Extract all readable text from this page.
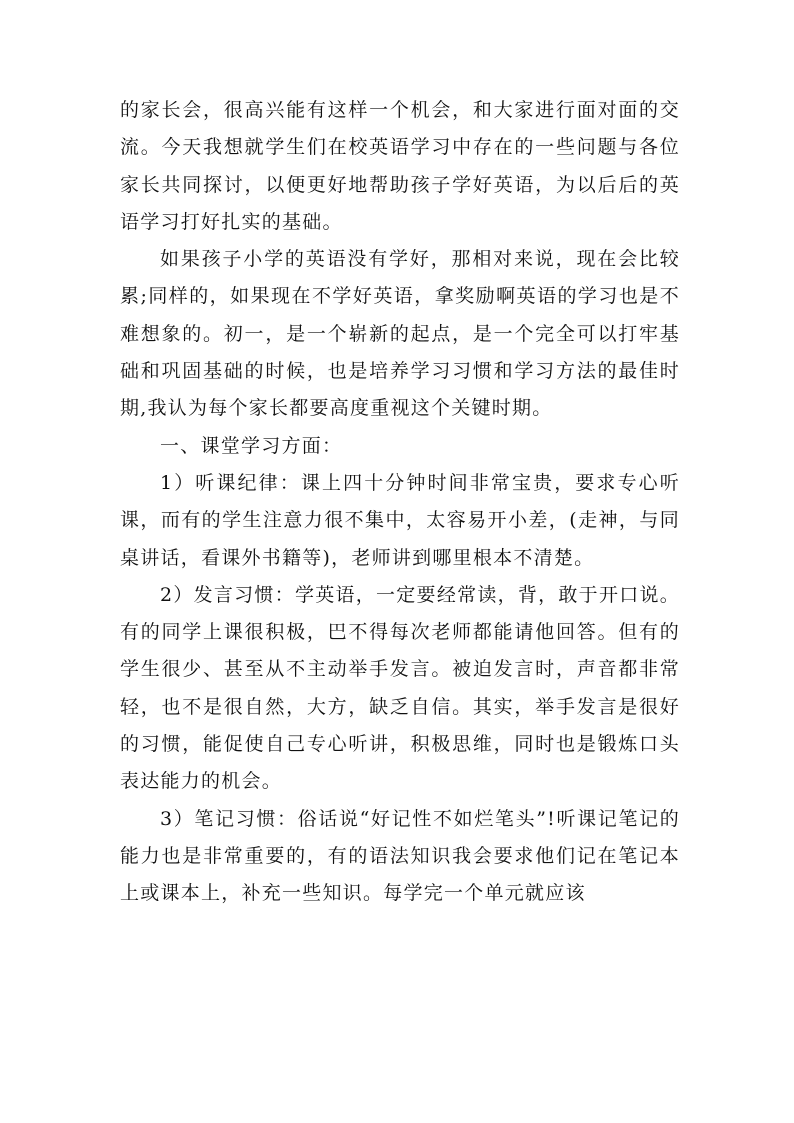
的家长会，很高兴能有这样一个机会，和大家进行面对面的交流。今天我想就学生们在校英语学习中存在的一些问题与各位家长共同探讨，以便更好地帮助孩子学好英语，为以后后的英语学习打好扎实的基础。

如果孩子小学的英语没有学好，那相对来说，现在会比较累;同样的，如果现在不学好英语，拿奖励啊英语的学习也是不难想象的。初一，是一个崭新的起点，是一个完全可以打牢基础和巩固基础的时候，也是培养学习习惯和学习方法的最佳时期,我认为每个家长都要高度重视这个关键时期。

一、课堂学习方面：

1）听课纪律：课上四十分钟时间非常宝贵，要求专心听课，而有的学生注意力很不集中，太容易开小差，(走神，与同桌讲话，看课外书籍等)，老师讲到哪里根本不清楚。

2）发言习惯：学英语，一定要经常读，背，敢于开口说。有的同学上课很积极，巴不得每次老师都能请他回答。但有的学生很少、甚至从不主动举手发言。被迫发言时，声音都非常轻，也不是很自然，大方，缺乏自信。其实，举手发言是很好的习惯，能促使自己专心听讲，积极思维，同时也是锻炼口头表达能力的机会。

3）笔记习惯：俗话说“好记性不如烂笔头”!听课记笔记的能力也是非常重要的，有的语法知识我会要求他们记在笔记本上或课本上，补充一些知识。每学完一个单元就应该
